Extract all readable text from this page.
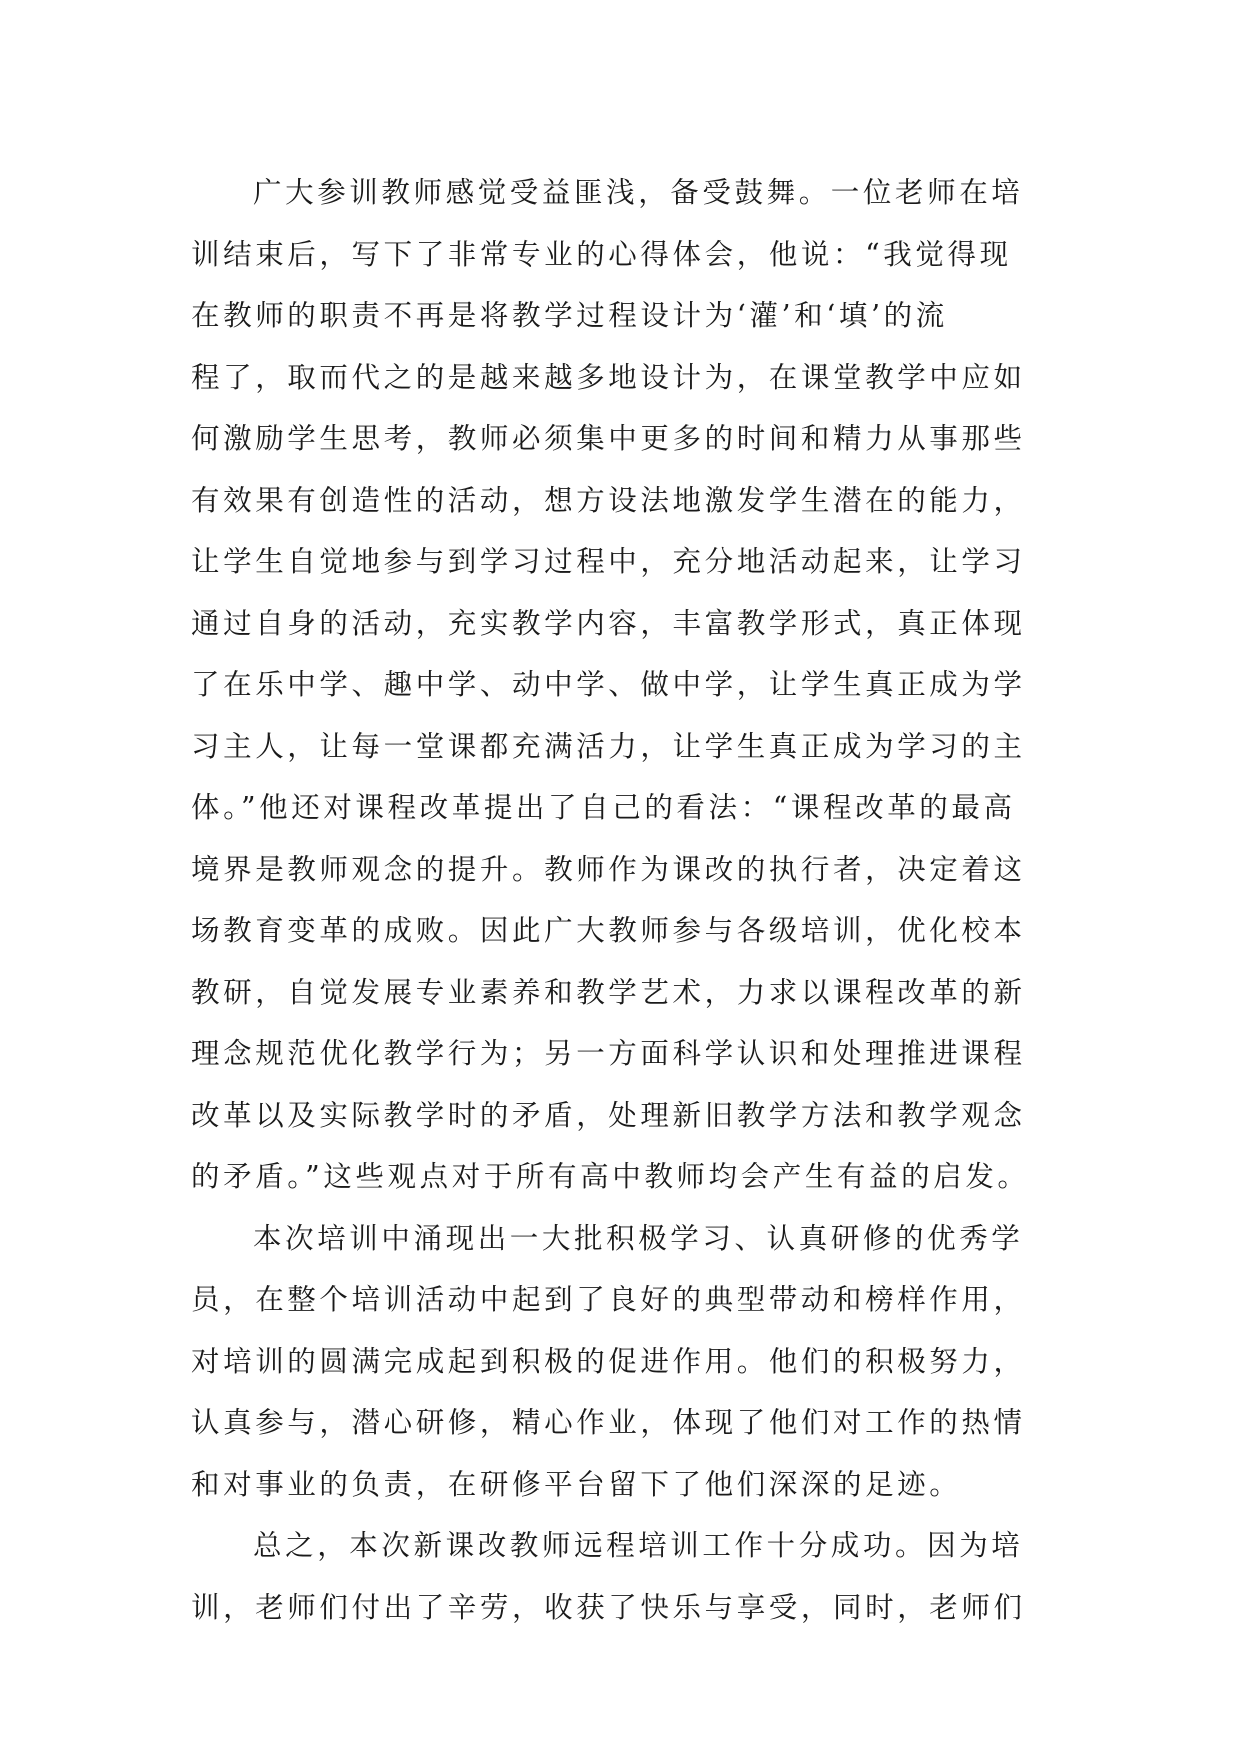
广大参训教师感觉受益匪浅，备受鼓舞。一位老师在培
训结束后，写下了非常专业的心得体会，他说：“我觉得现
在教师的职责不再是将教学过程设计为‘灌’和‘填’的流
程了，取而代之的是越来越多地设计为，在课堂教学中应如
何激励学生思考，教师必须集中更多的时间和精力从事那些
有效果有创造性的活动，想方设法地激发学生潜在的能力，
让学生自觉地参与到学习过程中，充分地活动起来，让学习
通过自身的活动，充实教学内容，丰富教学形式，真正体现
了在乐中学、趣中学、动中学、做中学，让学生真正成为学
习主人，让每一堂课都充满活力，让学生真正成为学习的主
体。”他还对课程改革提出了自己的看法：“课程改革的最高
境界是教师观念的提升。教师作为课改的执行者，决定着这
场教育变革的成败。因此广大教师参与各级培训，优化校本
教研，自觉发展专业素养和教学艺术，力求以课程改革的新
理念规范优化教学行为；另一方面科学认识和处理推进课程
改革以及实际教学时的矛盾，处理新旧教学方法和教学观念
的矛盾。”这些观点对于所有高中教师均会产生有益的启发。
本次培训中涌现出一大批积极学习、认真研修的优秀学
员，在整个培训活动中起到了良好的典型带动和榜样作用，
对培训的圆满完成起到积极的促进作用。他们的积极努力，
认真参与，潜心研修，精心作业，体现了他们对工作的热情
和对事业的负责，在研修平台留下了他们深深的足迹。
总之，本次新课改教师远程培训工作十分成功。因为培
训，老师们付出了辛劳，收获了快乐与享受，同时，老师们
